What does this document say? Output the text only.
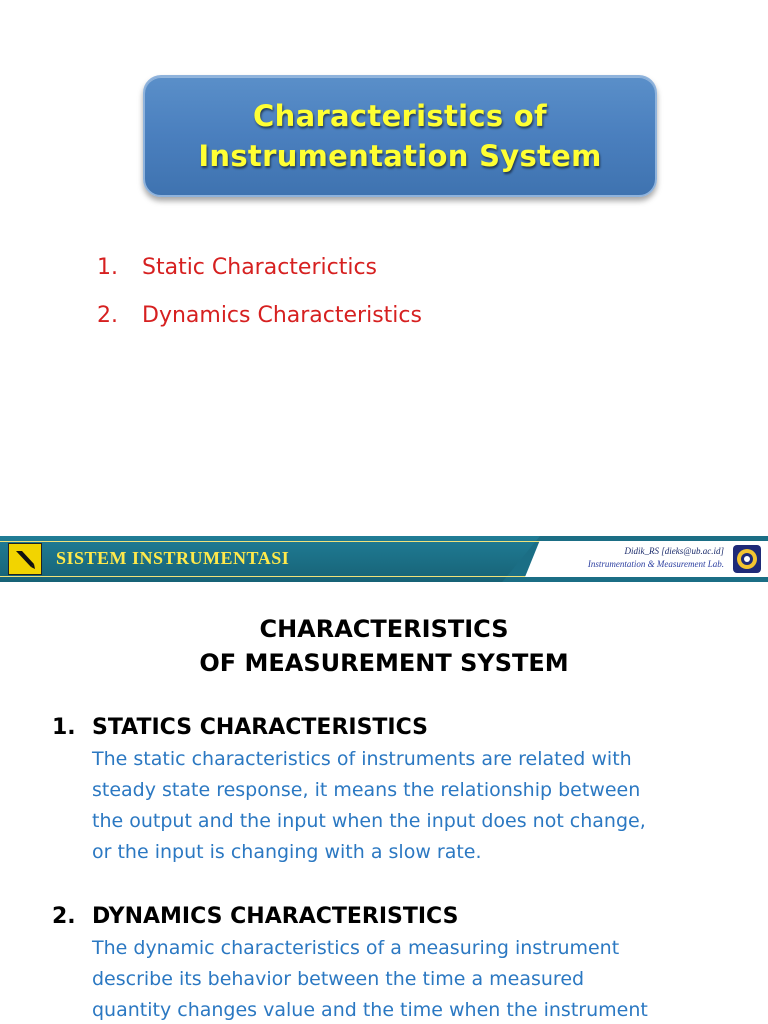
Characteristics of
Instrumentation System
1.	Static Characterictics
2.	Dynamics Characteristics
SISTEM INSTRUMENTASI	Didik_RS [dieks@ub.ac.id]
Instrumentation & Measurement Lab.
CHARACTERISTICS
OF MEASUREMENT SYSTEM
1. STATICS CHARACTERISTICS
The static characteristics of instruments are related with
steady state response, it means the relationship between
the output and the input when the input does not change,
or the input is changing with a slow rate.
2. DYNAMICS CHARACTERISTICS
The dynamic characteristics of a measuring instrument
describe its behavior between the time a measured
quantity changes value and the time when the instrument
